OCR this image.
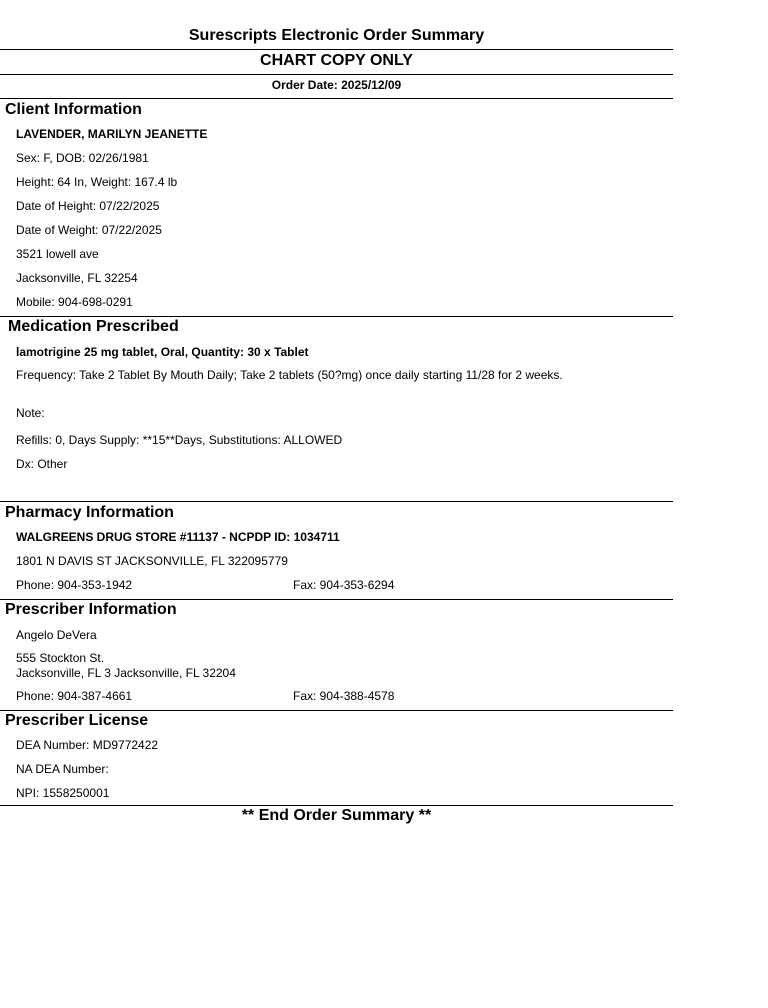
Surescripts Electronic Order Summary
CHART COPY ONLY
Order Date: 2025/12/09
Client Information
LAVENDER, MARILYN JEANETTE
Sex: F, DOB: 02/26/1981
Height: 64 In, Weight: 167.4 lb
Date of Height: 07/22/2025
Date of Weight: 07/22/2025
3521 lowell ave
Jacksonville, FL 32254
Mobile: 904-698-0291
Medication Prescribed
lamotrigine 25 mg tablet, Oral, Quantity: 30 x Tablet
Frequency: Take 2 Tablet By Mouth Daily; Take 2 tablets (50?mg) once daily starting 11/28 for 2 weeks.
Note:
Refills: 0, Days Supply: **15**Days, Substitutions: ALLOWED
Dx: Other
Pharmacy Information
WALGREENS DRUG STORE #11137 - NCPDP ID: 1034711
1801 N DAVIS ST JACKSONVILLE, FL 322095779
Phone: 904-353-1942	Fax: 904-353-6294
Prescriber Information
Angelo DeVera
555 Stockton St.
Jacksonville, FL 3 Jacksonville, FL 32204
Phone: 904-387-4661	Fax: 904-388-4578
Prescriber License
DEA Number: MD9772422
NA DEA Number:
NPI: 1558250001
** End Order Summary **
